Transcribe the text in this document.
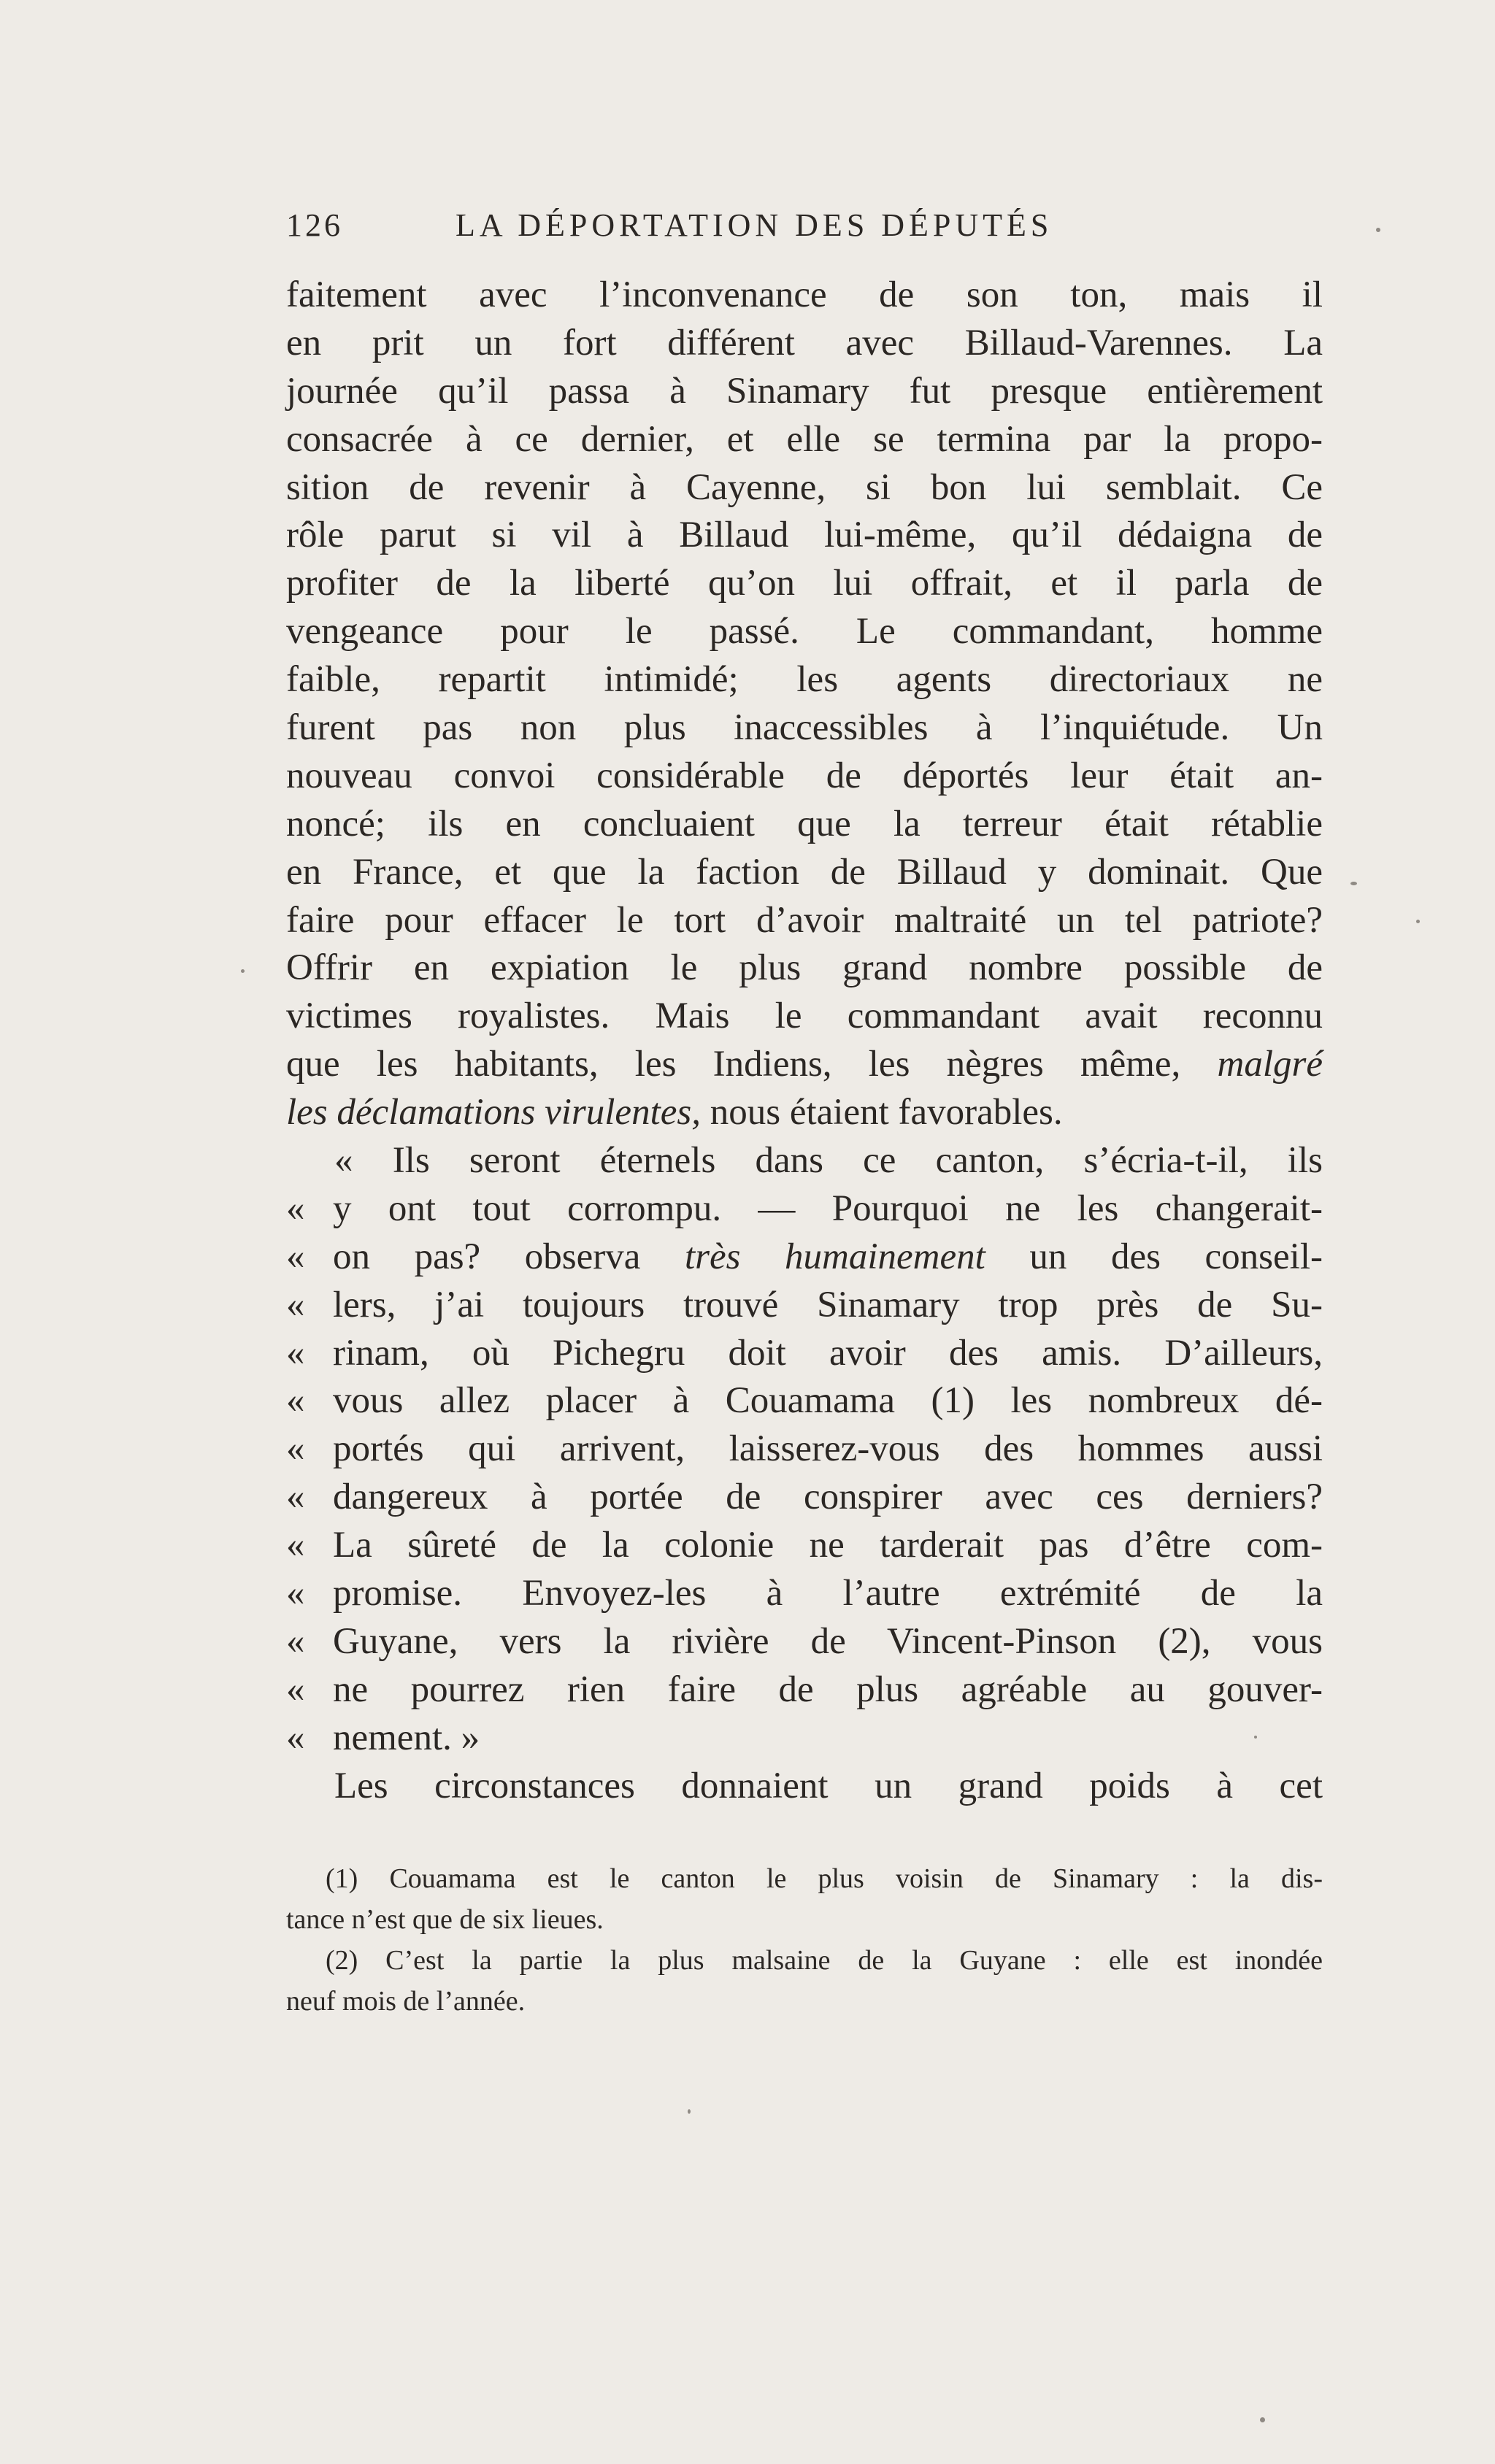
126	LA DÉPORTATION DES DÉPUTÉS
faitement avec l’inconvenance de son ton, mais il
en prit un fort différent avec Billaud-Varennes. La
journée qu’il passa à Sinamary fut presque entièrement
consacrée à ce dernier, et elle se termina par la propo-
sition de revenir à Cayenne, si bon lui semblait. Ce
rôle parut si vil à Billaud lui-même, qu’il dédaigna de
profiter de la liberté qu’on lui offrait, et il parla de
vengeance pour le passé. Le commandant, homme
faible, repartit intimidé; les agents directoriaux ne
furent pas non plus inaccessibles à l’inquiétude. Un
nouveau convoi considérable de déportés leur était an-
noncé; ils en concluaient que la terreur était rétablie
en France, et que la faction de Billaud y dominait. Que
faire pour effacer le tort d’avoir maltraité un tel patriote?
Offrir en expiation le plus grand nombre possible de
victimes royalistes. Mais le commandant avait reconnu
que les habitants, les Indiens, les nègres même, malgré
les déclamations virulentes, nous étaient favorables.
« Ils seront éternels dans ce canton, s’écria-t-il, ils
« y ont tout corrompu. — Pourquoi ne les changerait-
« on pas? observa très humainement un des conseil-
« lers, j’ai toujours trouvé Sinamary trop près de Su-
« rinam, où Pichegru doit avoir des amis. D’ailleurs,
« vous allez placer à Couamama (1) les nombreux dé-
« portés qui arrivent, laisserez-vous des hommes aussi
« dangereux à portée de conspirer avec ces derniers?
« La sûreté de la colonie ne tarderait pas d’être com-
« promise. Envoyez-les à l’autre extrémité de la
« Guyane, vers la rivière de Vincent-Pinson (2), vous
« ne pourrez rien faire de plus agréable au gouver-
« nement. »
Les circonstances donnaient un grand poids à cet
(1) Couamama est le canton le plus voisin de Sinamary : la dis-
tance n’est que de six lieues.
(2) C’est la partie la plus malsaine de la Guyane : elle est inondée
neuf mois de l’année.
